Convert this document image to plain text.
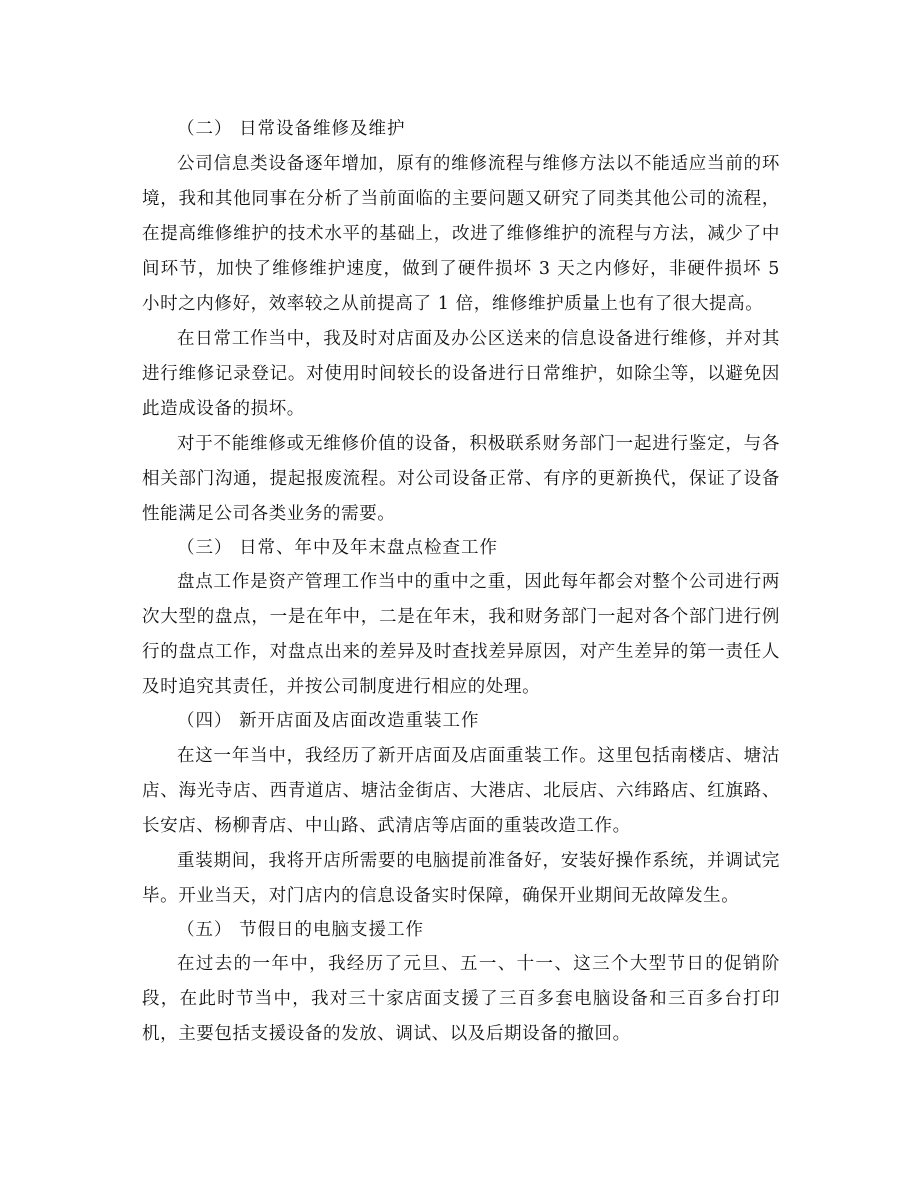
（二） 日常设备维修及维护

公司信息类设备逐年增加，原有的维修流程与维修方法以不能适应当前的环境，我和其他同事在分析了当前面临的主要问题又研究了同类其他公司的流程，在提高维修维护的技术水平的基础上，改进了维修维护的流程与方法，减少了中间环节，加快了维修维护速度，做到了硬件损坏 3 天之内修好，非硬件损坏 5 小时之内修好，效率较之从前提高了 1 倍，维修维护质量上也有了很大提高。

在日常工作当中，我及时对店面及办公区送来的信息设备进行维修，并对其进行维修记录登记。对使用时间较长的设备进行日常维护，如除尘等，以避免因此造成设备的损坏。

对于不能维修或无维修价值的设备，积极联系财务部门一起进行鉴定，与各相关部门沟通，提起报废流程。对公司设备正常、有序的更新换代，保证了设备性能满足公司各类业务的需要。

（三） 日常、年中及年末盘点检查工作

盘点工作是资产管理工作当中的重中之重，因此每年都会对整个公司进行两次大型的盘点，一是在年中，二是在年末，我和财务部门一起对各个部门进行例行的盘点工作，对盘点出来的差异及时查找差异原因，对产生差异的第一责任人及时追究其责任，并按公司制度进行相应的处理。

（四） 新开店面及店面改造重装工作

在这一年当中，我经历了新开店面及店面重装工作。这里包括南楼店、塘沽店、海光寺店、西青道店、塘沽金街店、大港店、北辰店、六纬路店、红旗路、长安店、杨柳青店、中山路、武清店等店面的重装改造工作。

重装期间，我将开店所需要的电脑提前准备好，安装好操作系统，并调试完毕。开业当天，对门店内的信息设备实时保障，确保开业期间无故障发生。

（五） 节假日的电脑支援工作

在过去的一年中，我经历了元旦、五一、十一、这三个大型节日的促销阶段，在此时节当中，我对三十家店面支援了三百多套电脑设备和三百多台打印机，主要包括支援设备的发放、调试、以及后期设备的撤回。
